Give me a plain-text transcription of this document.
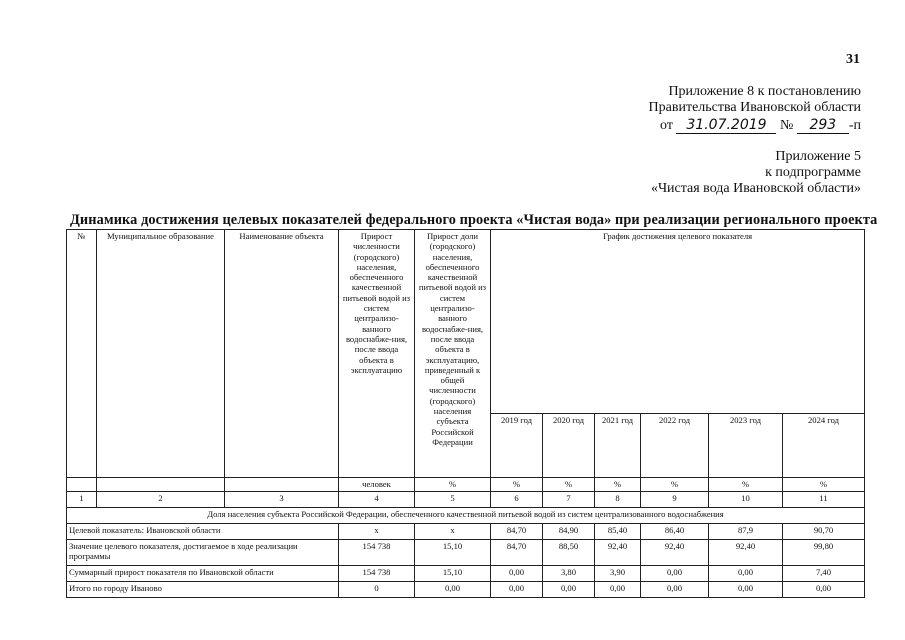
31
Приложение 8 к постановлению
Правительства Ивановской области
от 31.07.2019 № 293 -п
Приложение 5
к подпрограмме
«Чистая вода Ивановской области»
Динамика достижения целевых показателей федерального проекта «Чистая вода» при реализации регионального проекта
№	Муниципальное образование	Наименование объекта	Прирост численности (городского) населения, обеспеченного качественной питьевой водой из систем централизо-ванного водоснабже-ния, после ввода объекта в эксплуатацию	Прирост доли (городского) населения, обеспеченного качественной питьевой водой из систем централизо-ванного водоснабже-ния, после ввода объекта в эксплуатацию, приведенный к общей численности (городского) населения субъекта Российской Федерации	График достижения целевого показателя					
					2019 год	2020 год	2021 год	2022 год	2023 год	2024 год
			человек	%	%	%	%	%	%	%
1	2	3	4	5	6	7	8	9	10	11
Доля населения субъекта Российской Федерации, обеспеченного качественной питьевой водой из систем централизованного водоснабжения										
Целевой показатель: Ивановской области			x	x	84,70	84,90	85,40	86,40	87,9	90,70
Значение целевого показателя, достигаемое в ходе реализации программы			154 738	15,10	84,70	88,50	92,40	92,40	92,40	99,80
Суммарный прирост показателя по Ивановской области			154 738	15,10	0,00	3,80	3,90	0,00	0,00	7,40
Итого по городу Иваново			0	0,00	0,00	0,00	0,00	0,00	0,00	0,00
